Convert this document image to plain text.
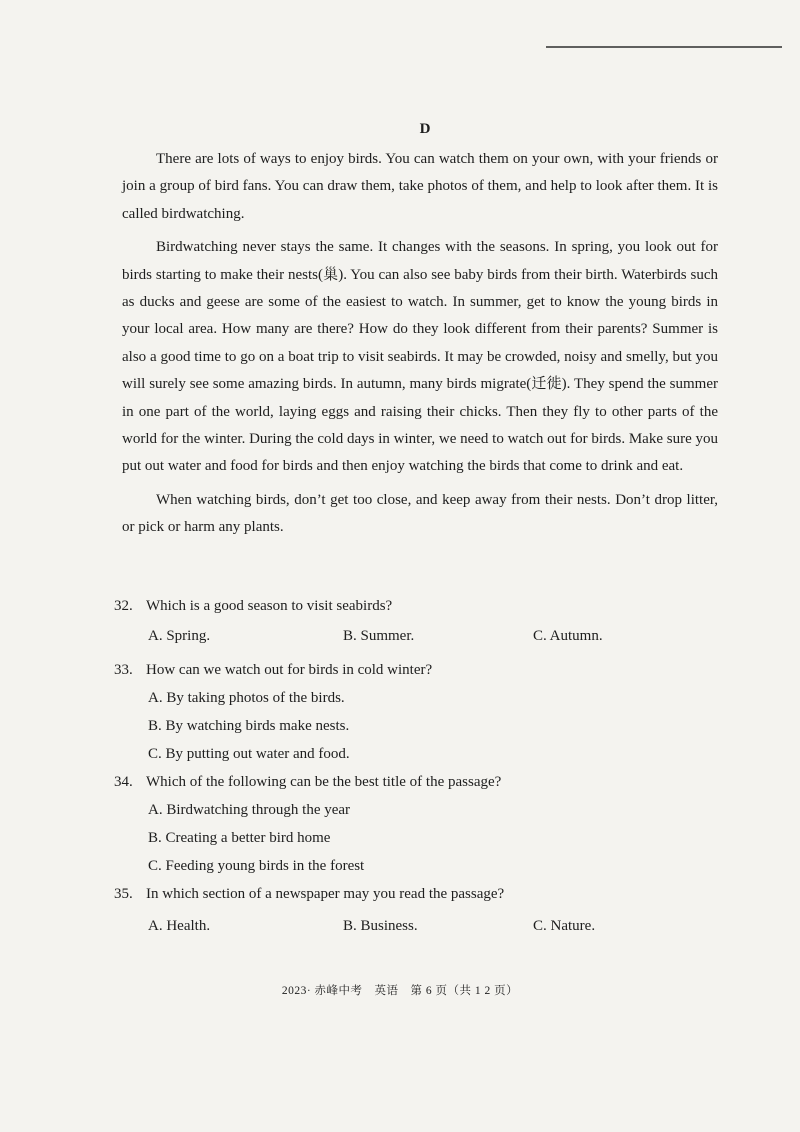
D

There are lots of ways to enjoy birds. You can watch them on your own, with your friends or join a group of bird fans. You can draw them, take photos of them, and help to look after them. It is called birdwatching.

Birdwatching never stays the same. It changes with the seasons. In spring, you look out for birds starting to make their nests(巢). You can also see baby birds from their birth. Waterbirds such as ducks and geese are some of the easiest to watch. In summer, get to know the young birds in your local area. How many are there? How do they look different from their parents? Summer is also a good time to go on a boat trip to visit seabirds. It may be crowded, noisy and smelly, but you will surely see some amazing birds. In autumn, many birds migrate(迁徙). They spend the summer in one part of the world, laying eggs and raising their chicks. Then they fly to other parts of the world for the winter. During the cold days in winter, we need to watch out for birds. Make sure you put out water and food for birds and then enjoy watching the birds that come to drink and eat.

When watching birds, don’t get too close, and keep away from their nests. Don’t drop litter, or pick or harm any plants.

32. Which is a good season to visit seabirds?
A. Spring.	B. Summer.	C. Autumn.
33. How can we watch out for birds in cold winter?
A. By taking photos of the birds.
B. By watching birds make nests.
C. By putting out water and food.
34. Which of the following can be the best title of the passage?
A. Birdwatching through the year
B. Creating a better bird home
C. Feeding young birds in the forest
35. In which section of a newspaper may you read the passage?
A. Health.	B. Business.	C. Nature.
2023· 赤峰中考　英语　第 6 页（共 1 2 页）
